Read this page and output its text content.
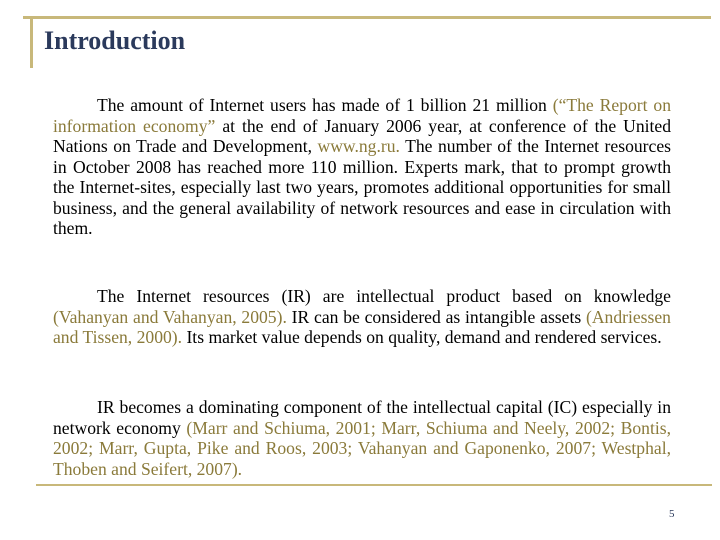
Introduction
The amount of Internet users has made of 1 billion 21 million (“The Report on information economy” at the end of January 2006 year, at conference of the United Nations on Trade and Development, www.ng.ru. The number of the Internet resources in October 2008 has reached more 110 million. Experts mark, that to prompt growth the Internet-sites, especially last two years, promotes additional opportunities for small business, and the general availability of network resources and ease in circulation with them.
The Internet resources (IR) are intellectual product based on knowledge (Vahanyan and Vahanyan, 2005). IR can be considered as intangible assets (Andriessen and Tissen, 2000). Its market value depends on quality, demand and rendered services.
IR becomes a dominating component of the intellectual capital (IC) especially in network economy (Marr and Schiuma, 2001; Marr, Schiuma and Neely, 2002; Bontis, 2002; Marr, Gupta, Pike and Roos, 2003; Vahanyan and Gaponenko, 2007; Westphal, Thoben and Seifert, 2007).
5
